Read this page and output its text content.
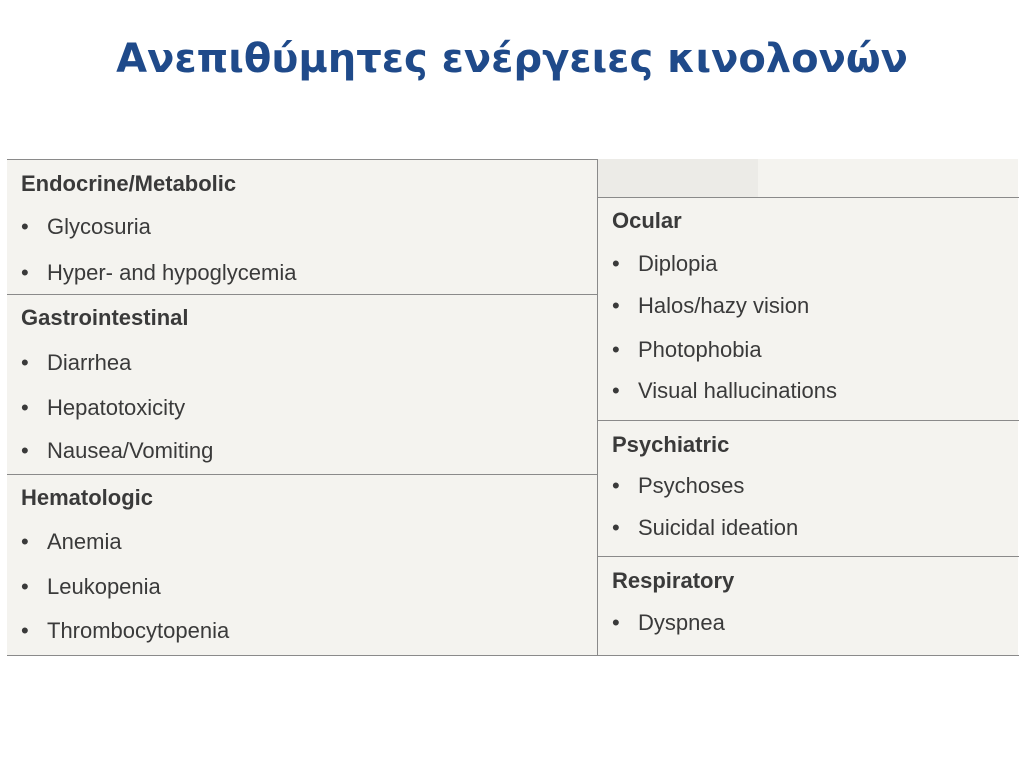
Ανεπιθύμητες ενέργειες κινολονών
Endocrine/Metabolic
• Glycosuria
• Hyper- and hypoglycemia
Gastrointestinal
• Diarrhea
• Hepatotoxicity
• Nausea/Vomiting
Hematologic
• Anemia
• Leukopenia
• Thrombocytopenia
Ocular
• Diplopia
• Halos/hazy vision
• Photophobia
• Visual hallucinations
Psychiatric
• Psychoses
• Suicidal ideation
Respiratory
• Dyspnea
